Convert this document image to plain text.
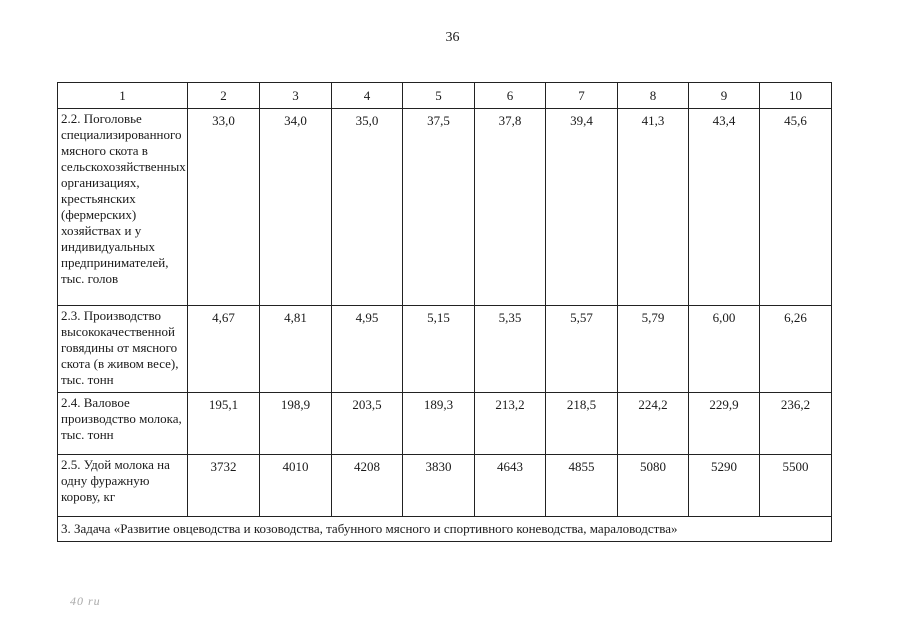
36
1	2	3	4	5	6	7	8	9	10
2.2. Поголовье специализированного мясного скота в сельскохозяйственных организациях, крестьянских (фермерских) хозяйствах и у индивидуальных предпринимателей, тыс. голов	33,0	34,0	35,0	37,5	37,8	39,4	41,3	43,4	45,6
2.3. Производство высококачественной говядины от мясного скота (в живом весе), тыс. тонн	4,67	4,81	4,95	5,15	5,35	5,57	5,79	6,00	6,26
2.4. Валовое производство молока, тыс. тонн	195,1	198,9	203,5	189,3	213,2	218,5	224,2	229,9	236,2
2.5. Удой молока на одну фуражную корову, кг	3732	4010	4208	3830	4643	4855	5080	5290	5500
3. Задача «Развитие овцеводства и козоводства, табунного мясного и спортивного коневодства, мараловодства»									
40 ru
